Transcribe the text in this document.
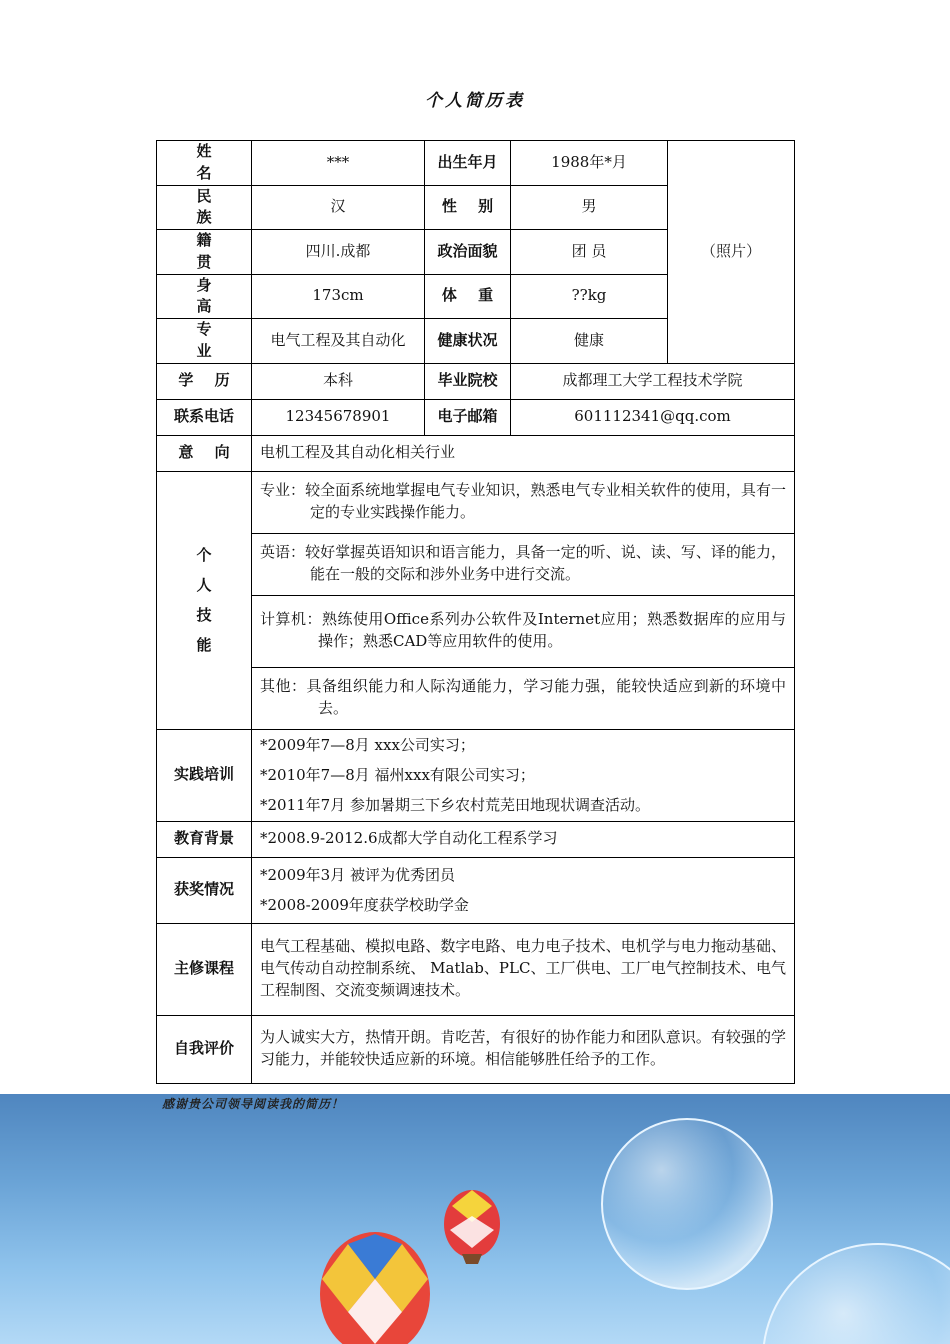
个人简历表
姓 名	***	出生年月	1988年*月	（照片）
民 族	汉	性 别	男	
籍 贯	四川.成都	政治面貌	团 员	
身 高	173cm	体 重	??kg	
专 业	电气工程及其自动化	健康状况	健康	
学 历	本科	毕业院校	成都理工大学工程技术学院	
联系电话	12345678901	电子邮箱	601112341@qq.com	
意 向	电机工程及其自动化相关行业			

个
人
技
能	专业：较全面系统地掌握电气专业知识，熟悉电气专业相关软件的使用，具有一定的专业实践操作能力。			

	英语：较好掌握英语知识和语言能力，具备一定的听、说、读、写、译的能力，能在一般的交际和涉外业务中进行交流。			

	计算机：熟练使用Office系列办公软件及Internet应用；熟悉数据库的应用与操作；熟悉CAD等应用软件的使用。			

	其他：具备组织能力和人际沟通能力，学习能力强，能较快适应到新的环境中去。			

实践培训	*2009年7—8月 xxx公司实习；
*2010年7—8月 福州xxx有限公司实习；
*2011年7月 参加暑期三下乡农村荒芜田地现状调查活动。			

教育背景	*2008.9-2012.6成都大学自动化工程系学习			
获奖情况	*2009年3月 被评为优秀团员
*2008-2009年度获学校助学金			

主修课程	电气工程基础、模拟电路、数字电路、电力电子技术、电机学与电力拖动基础、电气传动自动控制系统、 Matlab、PLC、工厂供电、工厂电气控制技术、电气工程制图、交流变频调速技术。			
自我评价	为人诚实大方，热情开朗。肯吃苦，有很好的协作能力和团队意识。有较强的学习能力，并能较快适应新的环境。相信能够胜任给予的工作。			
感谢贵公司领导阅读我的简历！
